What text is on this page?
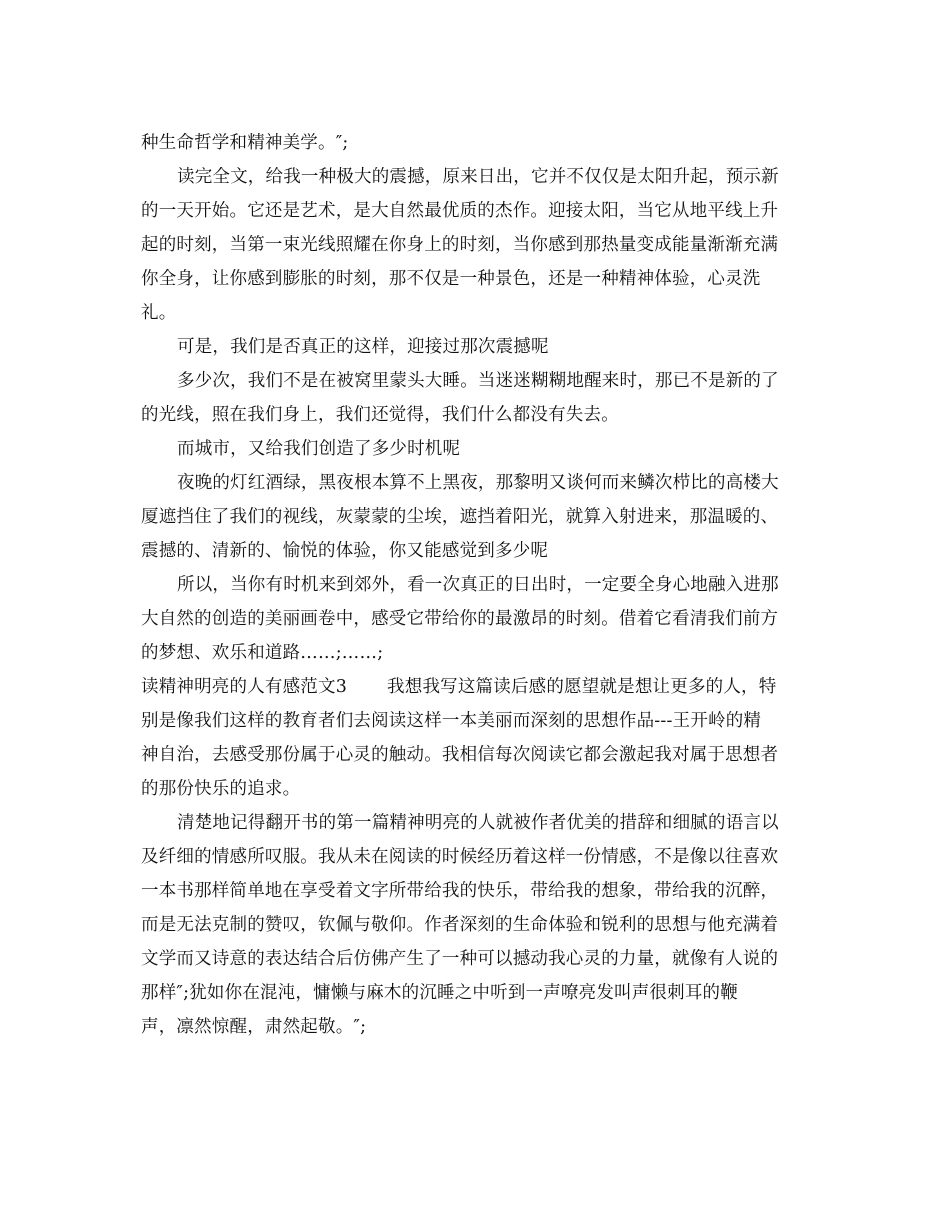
种生命哲学和精神美学。″;
读完全文，给我一种极大的震撼，原来日出，它并不仅仅是太阳升起，预示新
的一天开始。它还是艺术，是大自然最优质的杰作。迎接太阳，当它从地平线上升
起的时刻，当第一束光线照耀在你身上的时刻，当你感到那热量变成能量渐渐充满
你全身，让你感到膨胀的时刻，那不仅是一种景色，还是一种精神体验，心灵洗
礼。
可是，我们是否真正的这样，迎接过那次震撼呢
多少次，我们不是在被窝里蒙头大睡。当迷迷糊糊地醒来时，那已不是新的了
的光线，照在我们身上，我们还觉得，我们什么都没有失去。
而城市，又给我们创造了多少时机呢
夜晚的灯红酒绿，黑夜根本算不上黑夜，那黎明又谈何而来鳞次栉比的高楼大
厦遮挡住了我们的视线，灰蒙蒙的尘埃，遮挡着阳光，就算入射进来，那温暖的、
震撼的、清新的、愉悦的体验，你又能感觉到多少呢
所以，当你有时机来到郊外，看一次真正的日出时，一定要全身心地融入进那
大自然的创造的美丽画卷中，感受它带给你的最激昂的时刻。借着它看清我们前方
的梦想、欢乐和道路……;……;
读精神明亮的人有感范文3 我想我写这篇读后感的愿望就是想让更多的人，特
别是像我们这样的教育者们去阅读这样一本美丽而深刻的思想作品---王开岭的精
神自治，去感受那份属于心灵的触动。我相信每次阅读它都会激起我对属于思想者
的那份快乐的追求。
清楚地记得翻开书的第一篇精神明亮的人就被作者优美的措辞和细腻的语言以
及纤细的情感所叹服。我从未在阅读的时候经历着这样一份情感，不是像以往喜欢
一本书那样简单地在享受着文字所带给我的快乐，带给我的想象，带给我的沉醉，
而是无法克制的赞叹，钦佩与敬仰。作者深刻的生命体验和锐利的思想与他充满着
文学而又诗意的表达结合后仿佛产生了一种可以撼动我心灵的力量，就像有人说的
那样″;犹如你在混沌，慵懒与麻木的沉睡之中听到一声嘹亮发叫声很刺耳的鞭
声，凛然惊醒，肃然起敬。″;
